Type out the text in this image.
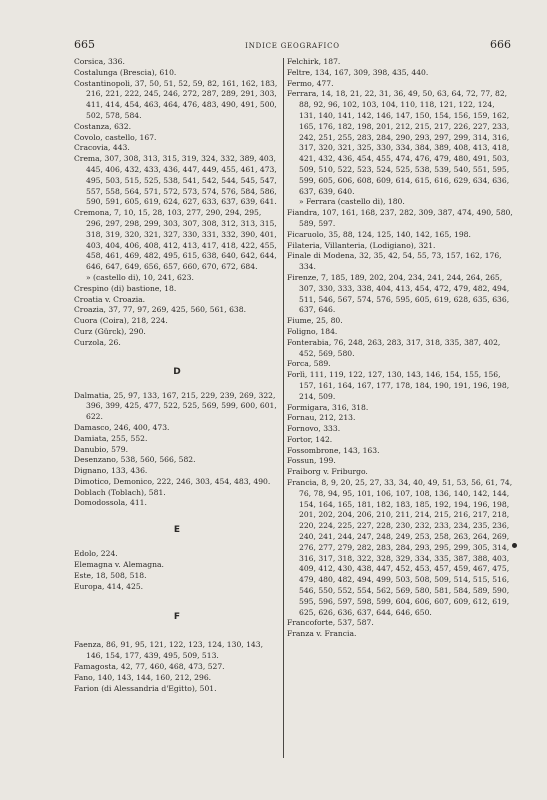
665	INDICE GEOGRAFICO	666

Corsica, 336.

Costalunga (Brescia), 610.

Costantinopoli, 37, 50, 51, 52, 59, 82, 161, 162, 183, 216, 221, 222, 245, 246, 272, 287, 289, 291, 303, 411, 414, 454, 463, 464, 476, 483, 490, 491, 500, 502, 578, 584.

Costanza, 632.

Covolo, castello, 167.

Cracovia, 443.

Crema, 307, 308, 313, 315, 319, 324, 332, 389, 403, 445, 406, 432, 433, 436, 447, 449, 455, 461, 473, 495, 503, 515, 525, 538, 541, 542, 544, 545, 547, 557, 558, 564, 571, 572, 573, 574, 576, 584, 586, 590, 591, 605, 619, 624, 627, 633, 637, 639, 641.

Cremona, 7, 10, 15, 28, 103, 277, 290, 294, 295, 296, 297, 298, 299, 303, 307, 308, 312, 313, 315, 318, 319, 320, 321, 327, 330, 331, 332, 390, 401, 403, 404, 406, 408, 412, 413, 417, 418, 422, 455, 458, 461, 469, 482, 495, 615, 638, 640, 642, 644, 646, 647, 649, 656, 657, 660, 670, 672, 684.

» (castello di), 10, 241, 623.

Crespino (di) bastione, 18.

Croatia v. Croazia.

Croazia, 37, 77, 97, 269, 425, 560, 561, 638.

Cuora (Coira), 218, 224.

Curz (Gürck), 290.

Curzola, 26.

D

Dalmatia, 25, 97, 133, 167, 215, 229, 239, 269, 322, 396, 399, 425, 477, 522, 525, 569, 599, 600, 601, 622.

Damasco, 246, 400, 473.

Damiata, 255, 552.

Danubio, 579.

Desenzano, 538, 560, 566, 582.

Dignano, 133, 436.

Dimotico, Demonico, 222, 246, 303, 454, 483, 490.

Doblach (Toblach), 581.

Domodossola, 411.

E

Edolo, 224.

Elemagna v. Alemagna.

Este, 18, 508, 518.

Europa, 414, 425.

F

Faenza, 86, 91, 95, 121, 122, 123, 124, 130, 143, 146, 154, 177, 439, 495, 509, 513.

Famagosta, 42, 77, 460, 468, 473, 527.

Fano, 140, 143, 144, 160, 212, 296.

Farion (di Alessandria d'Egitto), 501.

Felchirk, 187.

Feltre, 134, 167, 309, 398, 435, 440.

Fermo, 477.

Ferrara, 14, 18, 21, 22, 31, 36, 49, 50, 63, 64, 72, 77, 82, 88, 92, 96, 102, 103, 104, 110, 118, 121, 122, 124, 131, 140, 141, 142, 146, 147, 150, 154, 156, 159, 162, 165, 176, 182, 198, 201, 212, 215, 217, 226, 227, 233, 242, 251, 255, 283, 284, 290, 293, 297, 299, 314, 316, 317, 320, 321, 325, 330, 334, 384, 389, 408, 413, 418, 421, 432, 436, 454, 455, 474, 476, 479, 480, 491, 503, 509, 510, 522, 523, 524, 525, 538, 539, 540, 551, 595, 599, 605, 606, 608, 609, 614, 615, 616, 629, 634, 636, 637, 639, 640.

» Ferrara (castello di), 180.

Fiandra, 107, 161, 168, 237, 282, 309, 387, 474, 490, 580, 589, 597.

Ficaruolo, 35, 88, 124, 125, 140, 142, 165, 198.

Filateria, Villanteria, (Lodigiano), 321.

Finale di Modena, 32, 35, 42, 54, 55, 73, 157, 162, 176, 334.

Firenze, 7, 185, 189, 202, 204, 234, 241, 244, 264, 265, 307, 330, 333, 338, 404, 413, 454, 472, 479, 482, 494, 511, 546, 567, 574, 576, 595, 605, 619, 628, 635, 636, 637, 646.

Fiume, 25, 80.

Foligno, 184.

Fonterabia, 76, 248, 263, 283, 317, 318, 335, 387, 402, 452, 569, 580.

Forca, 589.

Forlì, 111, 119, 122, 127, 130, 143, 146, 154, 155, 156, 157, 161, 164, 167, 177, 178, 184, 190, 191, 196, 198, 214, 509.

Formigara, 316, 318.

Fornau, 212, 213.

Fornovo, 333.

Fortor, 142.

Fossombrone, 143, 163.

Fossun, 199.

Fraiborg v. Friburgo.

Francia, 8, 9, 20, 25, 27, 33, 34, 40, 49, 51, 53, 56, 61, 74, 76, 78, 94, 95, 101, 106, 107, 108, 136, 140, 142, 144, 154, 164, 165, 181, 182, 183, 185, 192, 194, 196, 198, 201, 202, 204, 206, 210, 211, 214, 215, 216, 217, 218, 220, 224, 225, 227, 228, 230, 232, 233, 234, 235, 236, 240, 241, 244, 247, 248, 249, 253, 258, 263, 264, 269, 276, 277, 279, 282, 283, 284, 293, 295, 299, 305, 314, 316, 317, 318, 322, 328, 329, 334, 335, 387, 388, 403, 409, 412, 430, 438, 447, 452, 453, 457, 459, 467, 475, 479, 480, 482, 494, 499, 503, 508, 509, 514, 515, 516, 546, 550, 552, 554, 562, 569, 580, 581, 584, 589, 590, 595, 596, 597, 598, 599, 604, 606, 607, 609, 612, 619, 625, 626, 636, 637, 644, 646, 650.

Francoforte, 537, 587.

Franza v. Francia.
